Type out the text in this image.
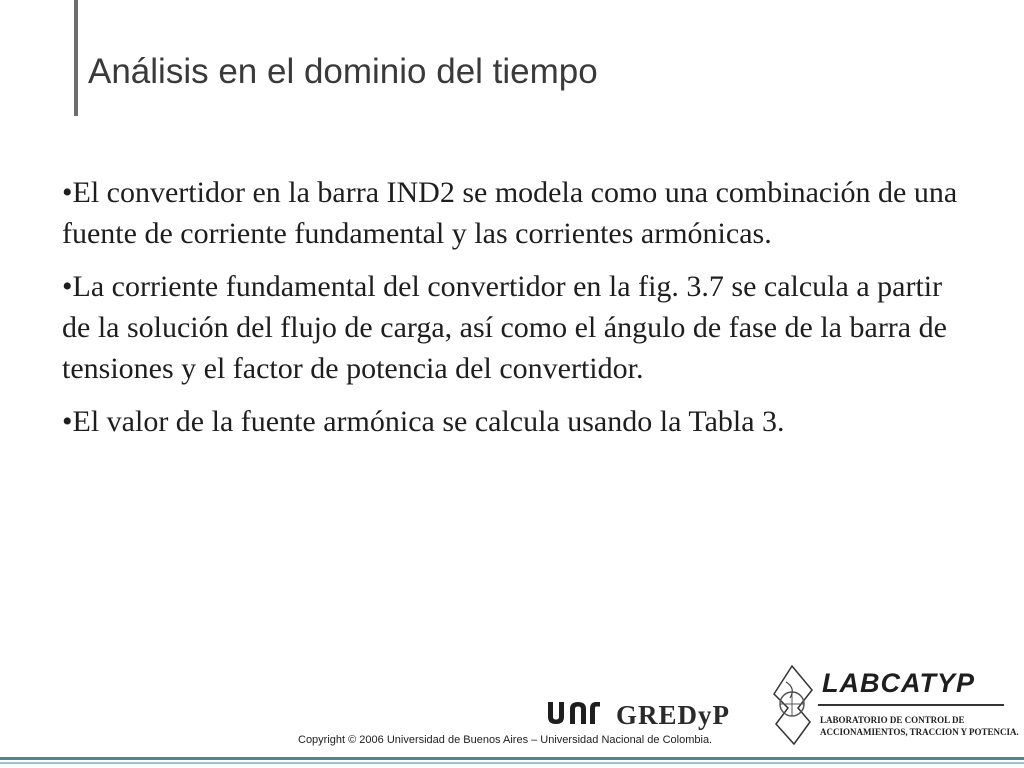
Análisis en el dominio del tiempo
•El convertidor en la barra IND2 se modela como una combinación de una fuente de corriente fundamental y las corrientes armónicas.
•La corriente fundamental del convertidor en la fig. 3.7 se calcula a partir de la solución del flujo de carga, así como el ángulo de fase de la barra de tensiones y el factor de potencia del convertidor.
•El valor de la fuente armónica se calcula usando la Tabla 3.
GREDyP
LABCATYP
LABORATORIO DE CONTROL DE
ACCIONAMIENTOS, TRACCION Y POTENCIA.
Copyright © 2006 Universidad de Buenos Aires – Universidad Nacional de Colombia.
